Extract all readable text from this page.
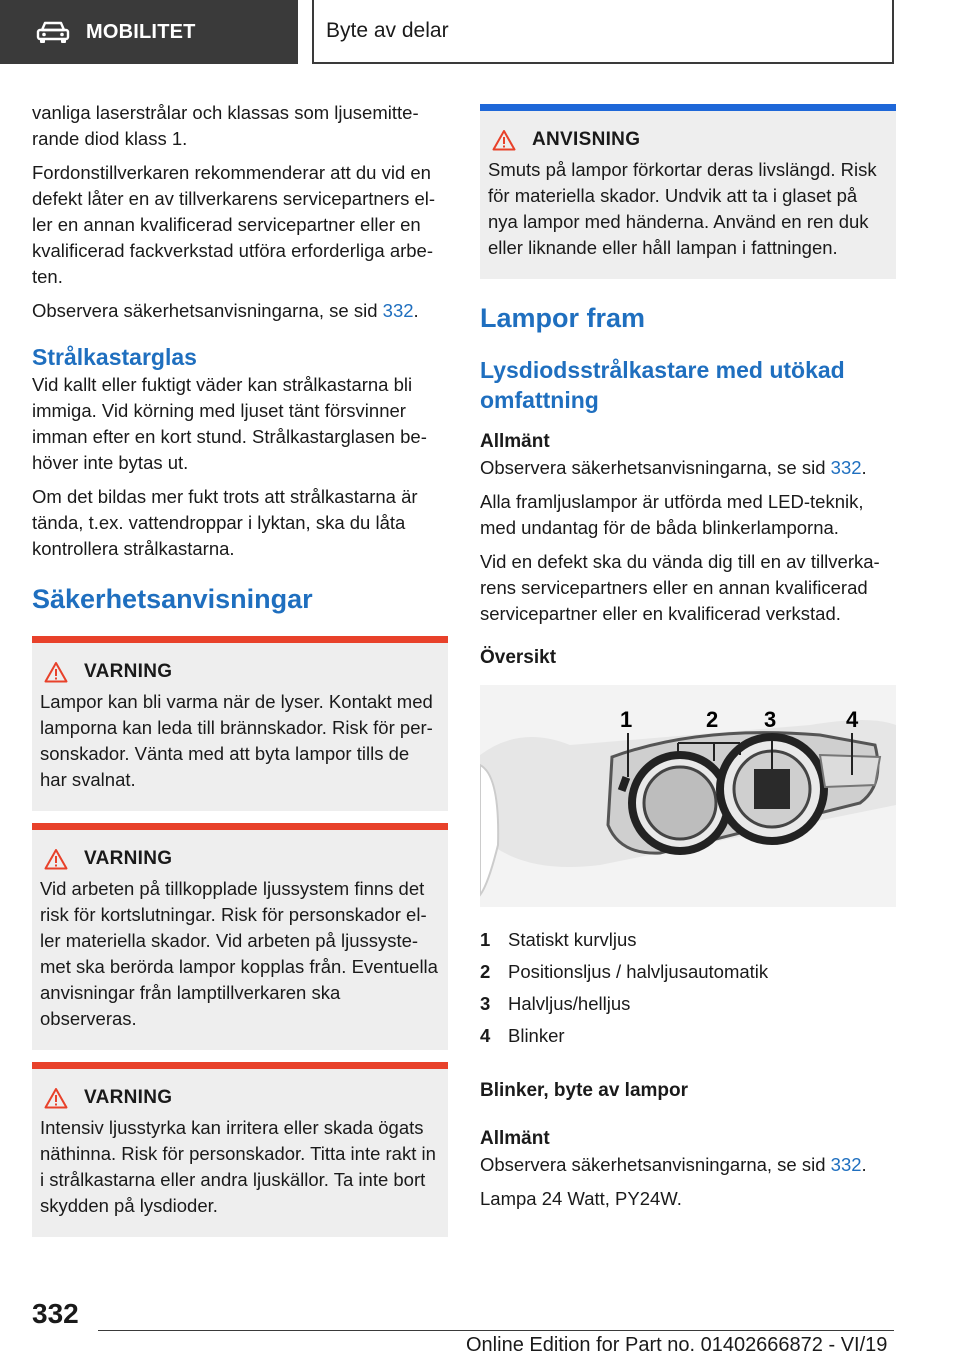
MOBILITET	Byte av delar

vanliga laserstrålar och klassas som ljusemitterande diod klass 1.

Fordonstillverkaren rekommenderar att du vid en defekt låter en av tillverkarens servicepartners eller en annan kvalificerad servicepartner eller en kvalificerad fackverkstad utföra erforderliga arbeten.

Observera säkerhetsanvisningarna, se sid 332.

Strålkastarglas

Vid kallt eller fuktigt väder kan strålkastarna bli immiga. Vid körning med ljuset tänt försvinner imman efter en kort stund. Strålkastarglasen behöver inte bytas ut.

Om det bildas mer fukt trots att strålkastarna är tända, t.ex. vattendroppar i lyktan, ska du låta kontrollera strålkastarna.

Säkerhetsanvisningar
VARNING

Lampor kan bli varma när de lyser. Kontakt med lamporna kan leda till brännskador. Risk för personskador. Vänta med att byta lampor tills de har svalnat.

VARNING

Vid arbeten på tillkopplade ljussystem finns det risk för kortslutningar. Risk för personskador eller materiella skador. Vid arbeten på ljussystemet ska berörda lampor kopplas från. Eventuella anvisningar från lamptillverkaren ska observeras.

VARNING

Intensiv ljusstyrka kan irritera eller skada ögats näthinna. Risk för personskador. Titta inte rakt in i strålkastarna eller andra ljuskällor. Ta inte bort skydden på lysdioder.

ANVISNING

Smuts på lampor förkortar deras livslängd. Risk för materiella skador. Undvik att ta i glaset på nya lampor med händerna. Använd en ren duk eller liknande eller håll lampan i fattningen.

Lampor fram
Lysdiodsstrålkastare med utökad omfattning
Allmänt

Observera säkerhetsanvisningarna, se sid 332.

Alla framljuslampor är utförda med LED-teknik, med undantag för de båda blinkerlamporna.

Vid en defekt ska du vända dig till en av tillverkarens servicepartners eller en annan kvalificerad servicepartner eller en kvalificerad verkstad.

Översikt
1	2 3	4
1 Statiskt kurvljus
2 Positionsljus / halvljusautomatik
3 Halvljus/helljus
4 Blinker
Blinker, byte av lampor
Allmänt

Observera säkerhetsanvisningarna, se sid 332.

Lampa 24 Watt, PY24W.

332
Online Edition for Part no. 01402666872 - VI/19
